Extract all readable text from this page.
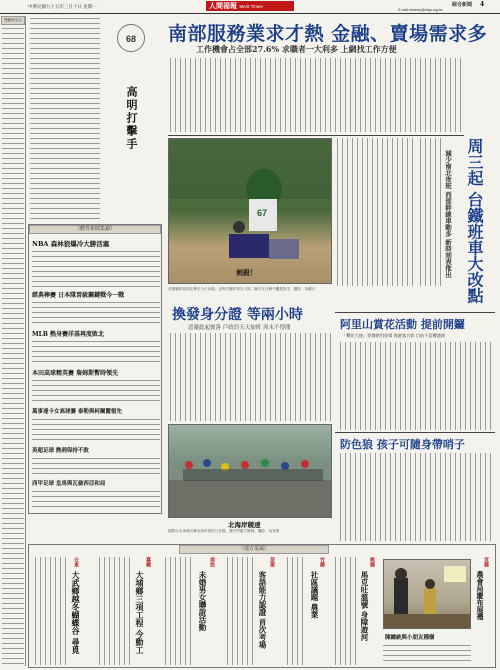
中華民國九十五年三月十日 星期一	人間福報 Merit Times	綜合新聞 4
E-mail:mtnews@mtgs.org.tw
慢跑與生活
68
高明打擊手
《體育新聞集錦》
NBA 森林狼爆冷大勝活塞
經典棒賽 日本隊晉級關鍵戰今一戰
MLB 熱身賽洋基再度敗北
本田高球精英賽 詹姆斯暫時領先
萬事達卡女高球賽 泰勒與柯爾麗領先
英超足球 熱刺保持不敗
西甲足球 皇馬與瓦倫西亞和局
南部服務業求才熱 金融、賣場需求多
工作機會占全部27.6% 求職者一大利多 上網找工作方便
67
刺殺！
美國職棒春訓比賽在今日登場，克利夫蘭印第安人隊二壘手在比賽中觸殺對手，攝影：美聯社
換發身分證 等兩小時
惡靈此起彼落 戶政員天天加班 周末不得閒
北海岸競速
國際自由車環台賽北海岸段昨日登場，選手們奮力衝刺。攝影：吳世賢
周三起 台鐵班車大改點
減少南北夜班 西部幹線車動多 新時刻表推出
阿里山賞花活動 提前開鑼
「櫻花大使」掌聲熱烈登場 與遊客合影 目前千島櫻盛開
防色狼 孩子可隨身帶哨子
《地方采風》
台東
大武鄉越冬蝴蝶谷 尋覓
嘉義
大埔鄉三項工程 今動工
南投
未婚男女聯誼活動
苗栗
客語能力認證 首次考場
竹縣
社區議題 農業
桃縣
馬克吐溫號 身障遊河
宜縣
農會局慶布展禮
陳總統與小朋友種樹
